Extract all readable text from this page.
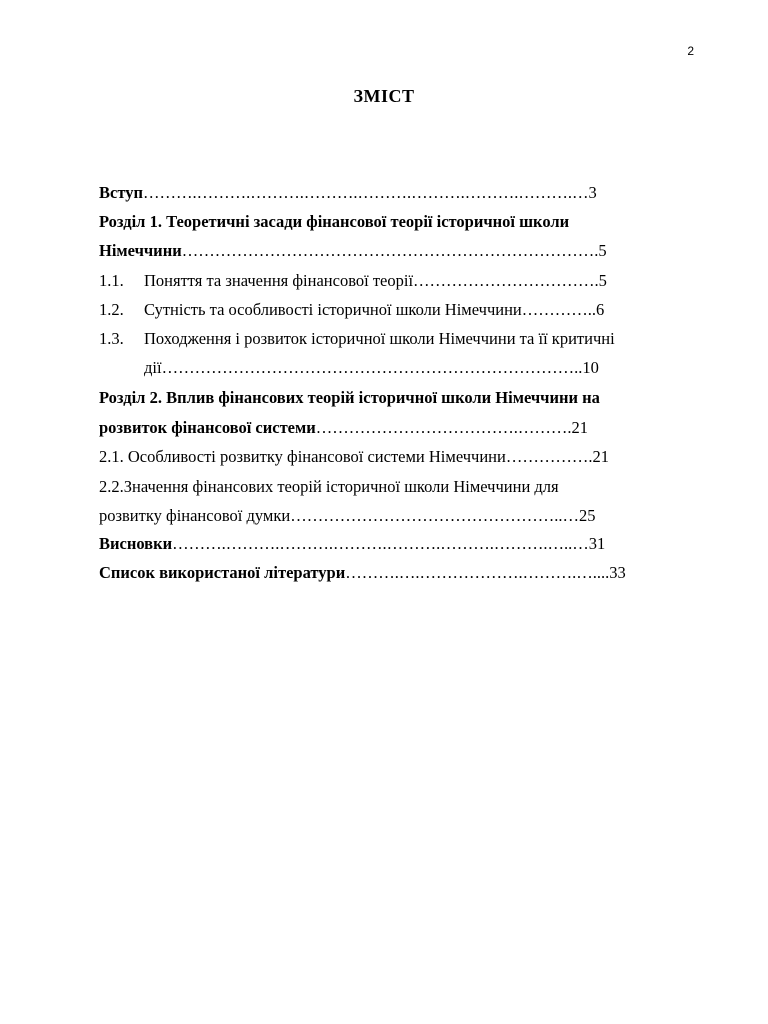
2
ЗМІСТ
Вступ……….……….……….……….……….……….……….……….…3
Розділ 1. Теоретичні засади фінансової теорії історичної школи
Німеччини………………………………………………………………….5
1.1. Поняття та значення фінансової теорії…………………………….5
1.2. Сутність та особливості історичної школи Німеччини…………..6
1.3. Походження і розвиток історичної школи Німеччини та її критичні
дії…………………………………………………………………..10
Розділ 2. Вплив фінансових теорій історичної школи Німеччини на
розвиток фінансової системи……………………………….……….21
2.1. Особливості розвитку фінансової системи Німеччини…………….21
2.2.Значення фінансових теорій історичної школи Німеччини для
розвитку фінансової думки…………………………………………..…25
Висновки……….……….……….……….……….……….……….…..…31
Список використаної літератури……….….……………….……….…....33
